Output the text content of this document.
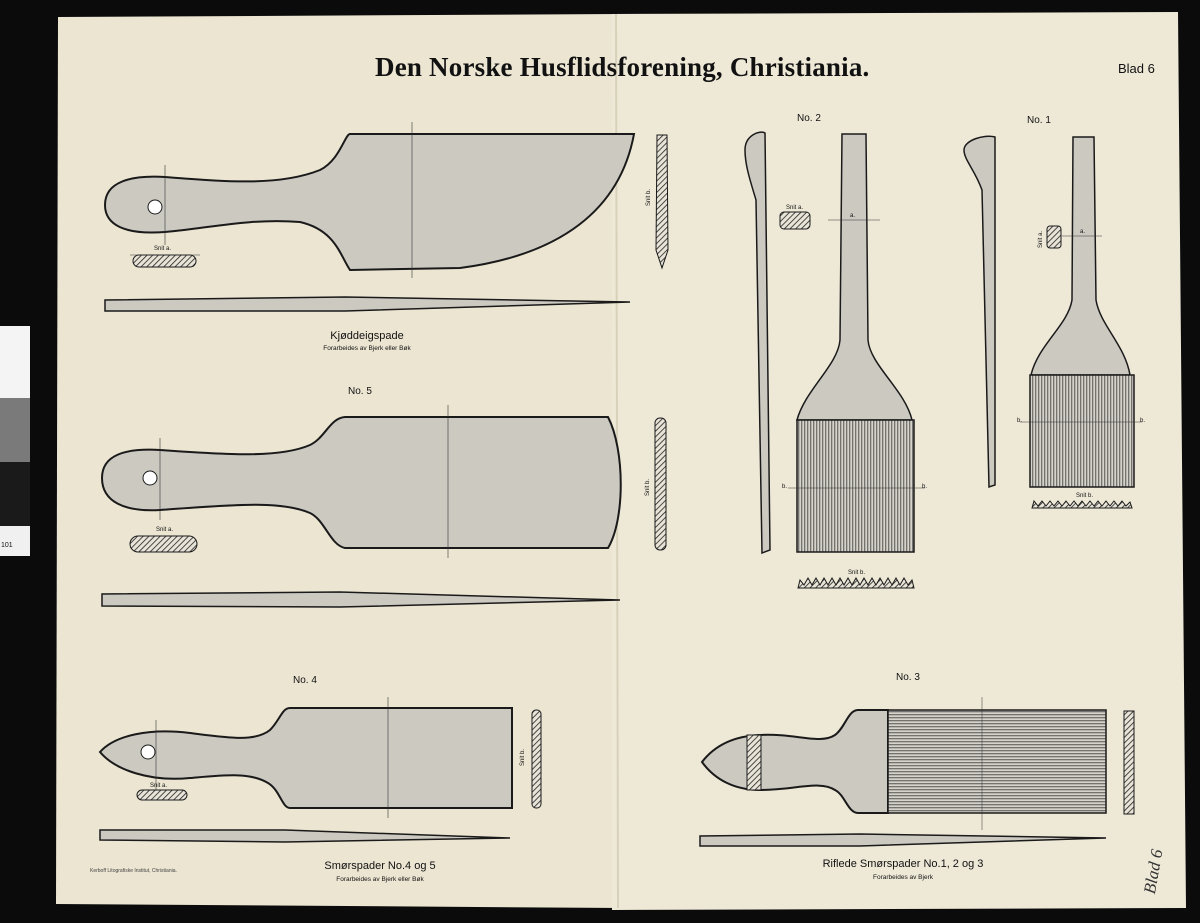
Den Norske Husflidsforening, Christiania.	Blad 6
Kjøddeigspade
Forarbeides av Bjerk eller Bøk
Snit a.
Snit b.
No. 5
Snit a.
Snit b.
No. 4
Snit a.
Snit b.
No. 2
Snit a.
a.
b.	b.
Snit b.
No. 1
Snit a.	a.
b.	b.
Snit b.
No. 3
Smørspader No.4 og 5
Forarbeides av Bjerk eller Bøk
Riflede Smørspader No.1, 2 og 3
Forarbeides av Bjerk
Kerboff Litografiske Institut, Christiania.	Blad 6
101
